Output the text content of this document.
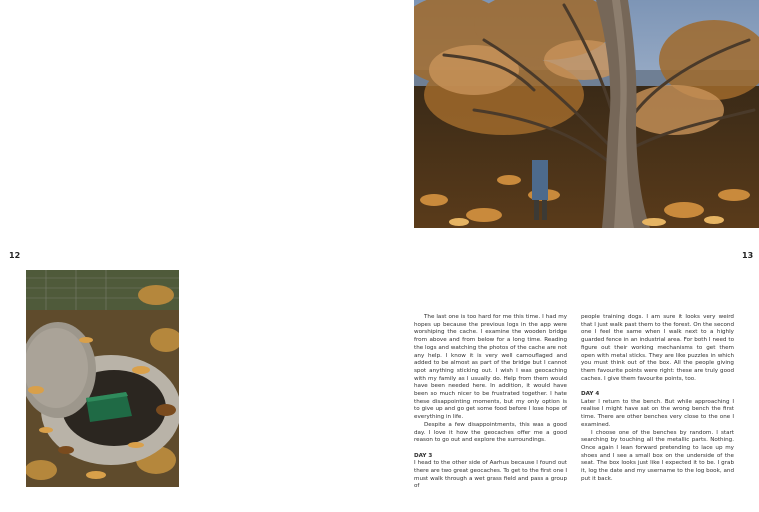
12	13

The last one is too hard for me this time. I had my hopes up because the previous logs in the app were worshiping the cache. I examine the wooden bridge from above and from below for a long time. Reading the logs and watching the photos of the cache are not any help. I know it is very well camouflaged and added to be almost as part of the bridge but I cannot spot anything sticking out. I wish I was geocaching with my family as I usually do. Help from them would have been needed here. In addition, it would have been so much nicer to be frustrated together. I hate these disappointing moments, but my only option is to give up and go get some food before I lose hope of everything in life.

Despite a few disappointments, this was a good day. I love it how the geocaches offer me a good reason to go out and explore the surroundings.

DAY 3

I head to the other side of Aarhus because I found out there are two great geocaches. To get to the first one I must walk through a wet grass field and pass a group of

people training dogs. I am sure it looks very weird that I just walk past them to the forest. On the second one I feel the same when I walk next to a highly guarded fence in an industrial area. For both I need to figure out their working mechanisms to get them open with metal sticks. They are like puzzles in which you must think out of the box. All the people giving them favourite points were right: these are truly good caches. I give them favourite points, too.

DAY 4

Later I return to the bench. But while approaching I realise I might have sat on the wrong bench the first time. There are other benches very close to the one I examined.

I choose one of the benches by random. I start searching by touching all the metallic parts. Nothing. Once again I lean forward pretending to lace up my shoes and I see a small box on the underside of the seat. The box looks just like I expected it to be. I grab it, log the date and my username to the log book, and put it back.
